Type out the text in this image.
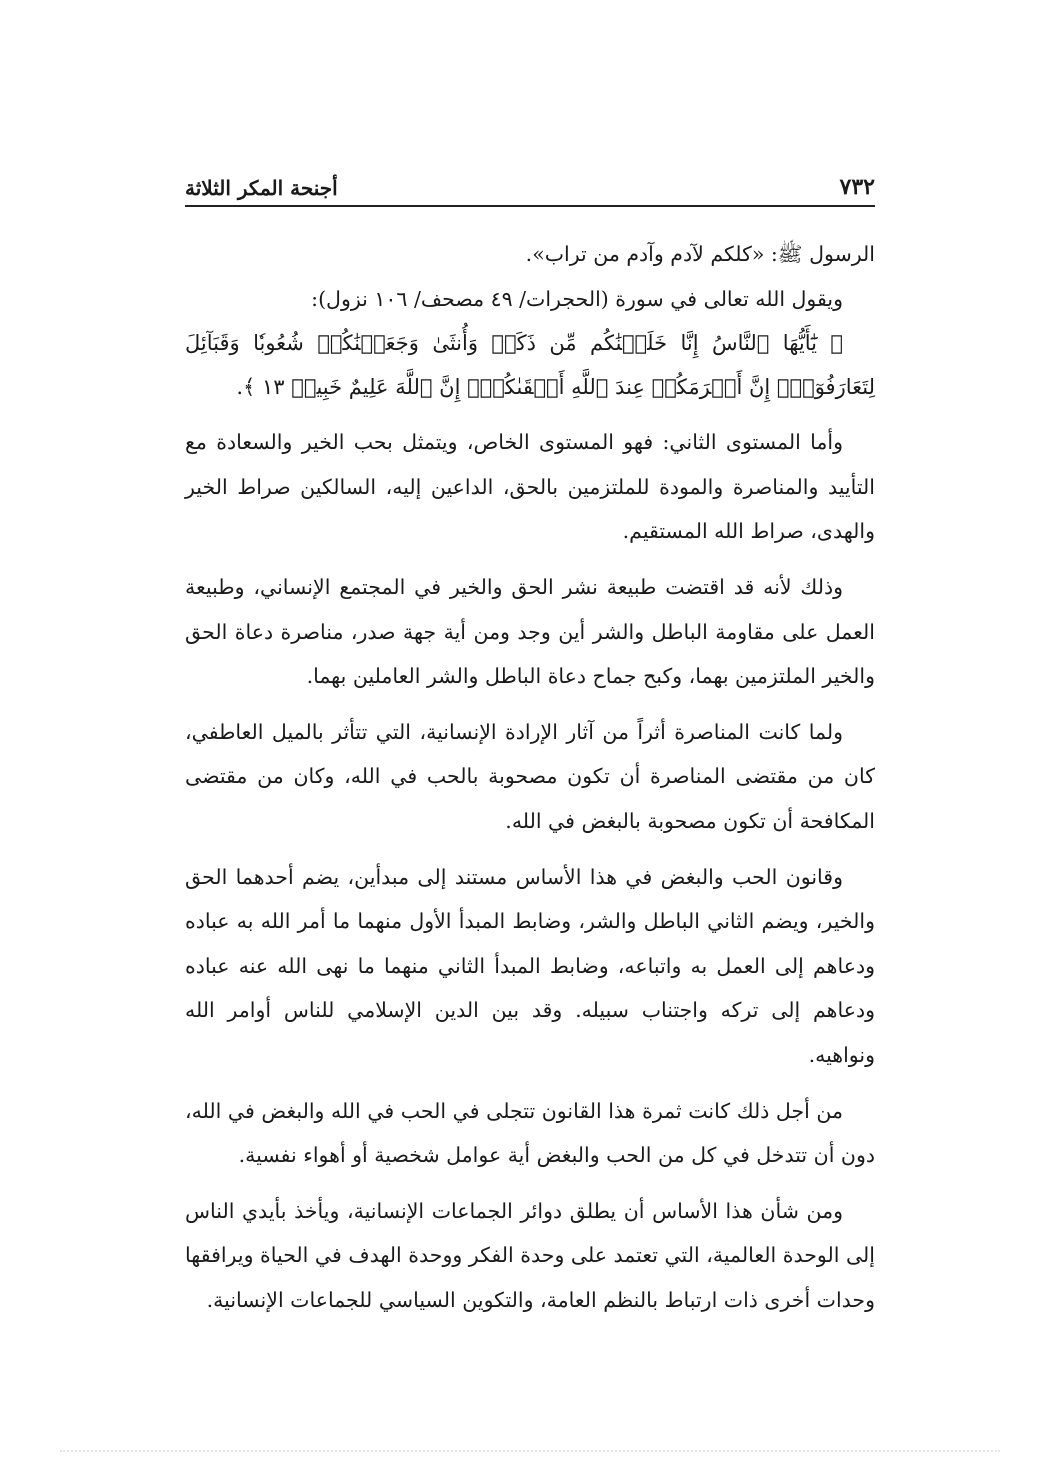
٧٣٢
أجنحة المكر الثلاثة

الرسول ﷺ: «كلكم لآدم وآدم من تراب».

ويقول الله تعالى في سورة (الحجرات/ ٤٩ مصحف/ ١٠٦ نزول):

﴿ يَٰٓأَيُّهَا ٱلنَّاسُ إِنَّا خَلَقۡنَٰكُم مِّن ذَكَرٖ وَأُنثَىٰ وَجَعَلۡنَٰكُمۡ شُعُوبٗا وَقَبَآئِلَ لِتَعَارَفُوٓاْۚ إِنَّ أَكۡرَمَكُمۡ عِندَ ٱللَّهِ أَتۡقَىٰكُمۡۚ إِنَّ ٱللَّهَ عَلِيمٌ خَبِيرٞ ١٣ ﴾.

وأما المستوى الثاني: فهو المستوى الخاص، ويتمثل بحب الخير والسعادة مع التأييد والمناصرة والمودة للملتزمين بالحق، الداعين إليه، السالكين صراط الخير والهدى، صراط الله المستقيم.

وذلك لأنه قد اقتضت طبيعة نشر الحق والخير في المجتمع الإنساني، وطبيعة العمل على مقاومة الباطل والشر أين وجد ومن أية جهة صدر، مناصرة دعاة الحق والخير الملتزمين بهما، وكبح جماح دعاة الباطل والشر العاملين بهما.

ولما كانت المناصرة أثراً من آثار الإرادة الإنسانية، التي تتأثر بالميل العاطفي، كان من مقتضى المناصرة أن تكون مصحوبة بالحب في الله، وكان من مقتضى المكافحة أن تكون مصحوبة بالبغض في الله.

وقانون الحب والبغض في هذا الأساس مستند إلى مبدأين، يضم أحدهما الحق والخير، ويضم الثاني الباطل والشر، وضابط المبدأ الأول منهما ما أمر الله به عباده ودعاهم إلى العمل به واتباعه، وضابط المبدأ الثاني منهما ما نهى الله عنه عباده ودعاهم إلى تركه واجتناب سبيله. وقد بين الدين الإسلامي للناس أوامر الله ونواهيه.

من أجل ذلك كانت ثمرة هذا القانون تتجلى في الحب في الله والبغض في الله، دون أن تتدخل في كل من الحب والبغض أية عوامل شخصية أو أهواء نفسية.

ومن شأن هذا الأساس أن يطلق دوائر الجماعات الإنسانية، ويأخذ بأيدي الناس إلى الوحدة العالمية، التي تعتمد على وحدة الفكر ووحدة الهدف في الحياة ويرافقها وحدات أخرى ذات ارتباط بالنظم العامة، والتكوين السياسي للجماعات الإنسانية.
